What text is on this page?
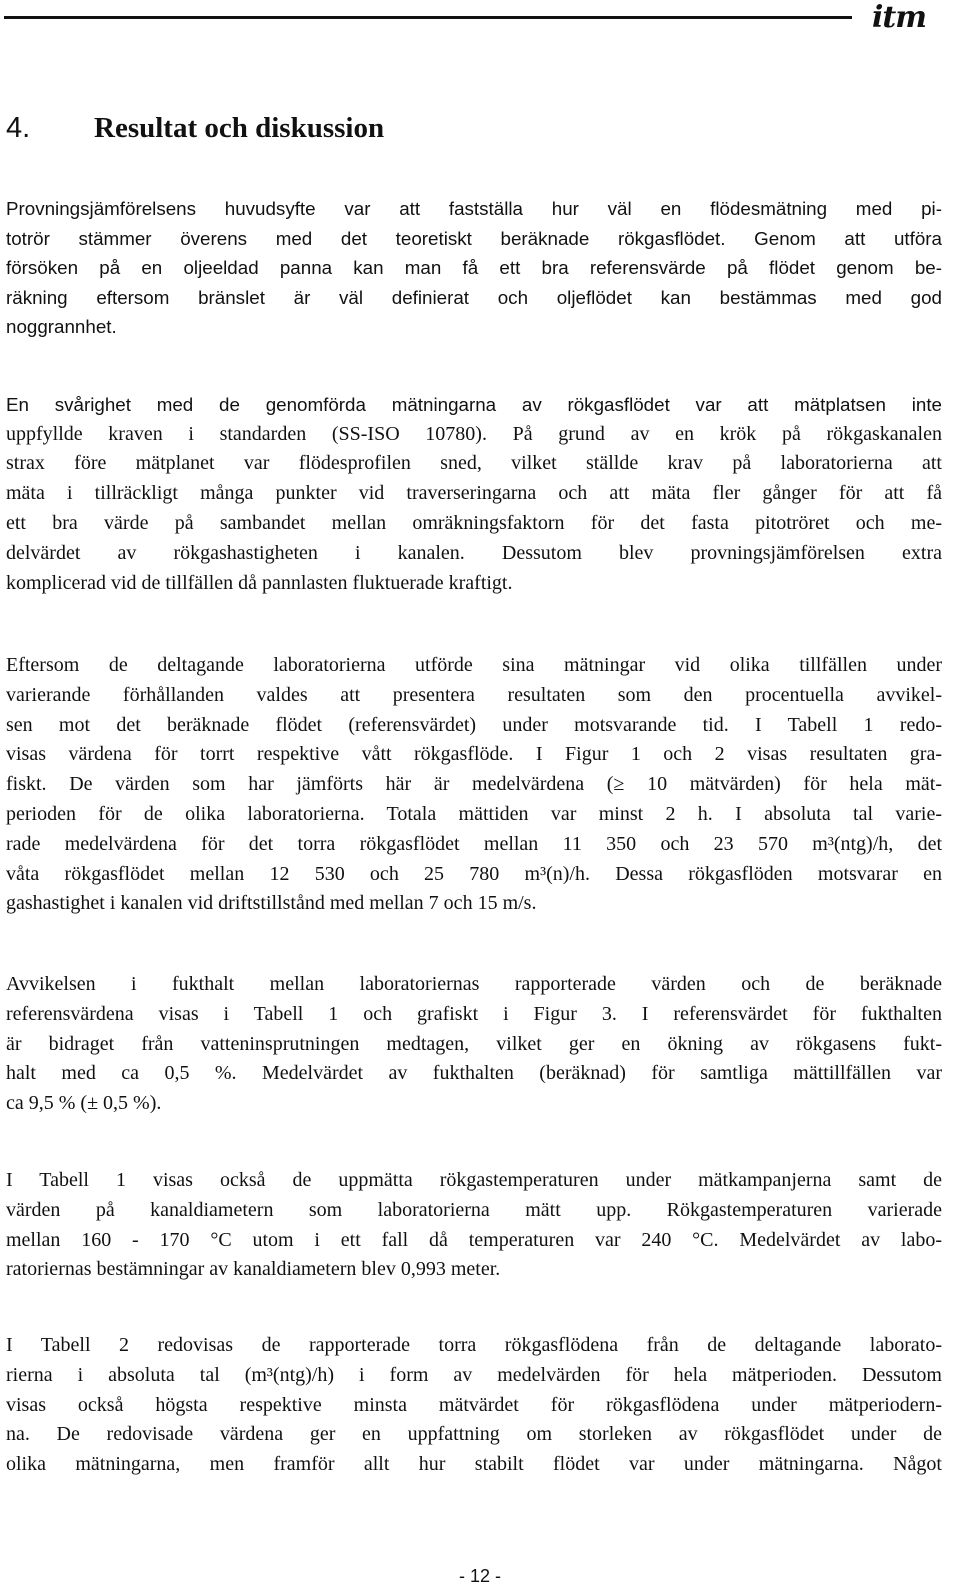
itm
4. Resultat och diskussion
Provningsjämförelsens huvudsyfte var att fastställa hur väl en flödesmätning med pi-
totrör stämmer överens med det teoretiskt beräknade rökgasflödet. Genom att utföra
försöken på en oljeeldad panna kan man få ett bra referensvärde på flödet genom be-
räkning eftersom bränslet är väl definierat och oljeflödet kan bestämmas med god
noggrannhet.
En svårighet med de genomförda mätningarna av rökgasflödet var att mätplatsen inte
uppfyllde kraven i standarden (SS-ISO 10780). På grund av en krök på rökgaskanalen
strax före mätplanet var flödesprofilen sned, vilket ställde krav på laboratorierna att
mäta i tillräckligt många punkter vid traverseringarna och att mäta fler gånger för att få
ett bra värde på sambandet mellan omräkningsfaktorn för det fasta pitotröret och me-
delvärdet av rökgashastigheten i kanalen. Dessutom blev provningsjämförelsen extra
komplicerad vid de tillfällen då pannlasten fluktuerade kraftigt.
Eftersom de deltagande laboratorierna utförde sina mätningar vid olika tillfällen under
varierande förhållanden valdes att presentera resultaten som den procentuella avvikel-
sen mot det beräknade flödet (referensvärdet) under motsvarande tid. I Tabell 1 redo-
visas värdena för torrt respektive vått rökgasflöde. I Figur 1 och 2 visas resultaten gra-
fiskt. De värden som har jämförts här är medelvärdena (≥ 10 mätvärden) för hela mät-
perioden för de olika laboratorierna. Totala mättiden var minst 2 h. I absoluta tal varie-
rade medelvärdena för det torra rökgasflödet mellan 11 350 och 23 570 m³(ntg)/h, det
våta rökgasflödet mellan 12 530 och 25 780 m³(n)/h. Dessa rökgasflöden motsvarar en
gashastighet i kanalen vid driftstillstånd med mellan 7 och 15 m/s.
Avvikelsen i fukthalt mellan laboratoriernas rapporterade värden och de beräknade
referensvärdena visas i Tabell 1 och grafiskt i Figur 3. I referensvärdet för fukthalten
är bidraget från vatteninsprutningen medtagen, vilket ger en ökning av rökgasens fukt-
halt med ca 0,5 %. Medelvärdet av fukthalten (beräknad) för samtliga mättillfällen var
ca 9,5 % (± 0,5 %).
I Tabell 1 visas också de uppmätta rökgastemperaturen under mätkampanjerna samt de
värden på kanaldiametern som laboratorierna mätt upp. Rökgastemperaturen varierade
mellan 160 - 170 °C utom i ett fall då temperaturen var 240 °C. Medelvärdet av labo-
ratoriernas bestämningar av kanaldiametern blev 0,993 meter.
I Tabell 2 redovisas de rapporterade torra rökgasflödena från de deltagande laborato-
rierna i absoluta tal (m³(ntg)/h) i form av medelvärden för hela mätperioden. Dessutom
visas också högsta respektive minsta mätvärdet för rökgasflödena under mätperiodern-
na. De redovisade värdena ger en uppfattning om storleken av rökgasflödet under de
olika mätningarna, men framför allt hur stabilt flödet var under mätningarna. Något
- 12 -
